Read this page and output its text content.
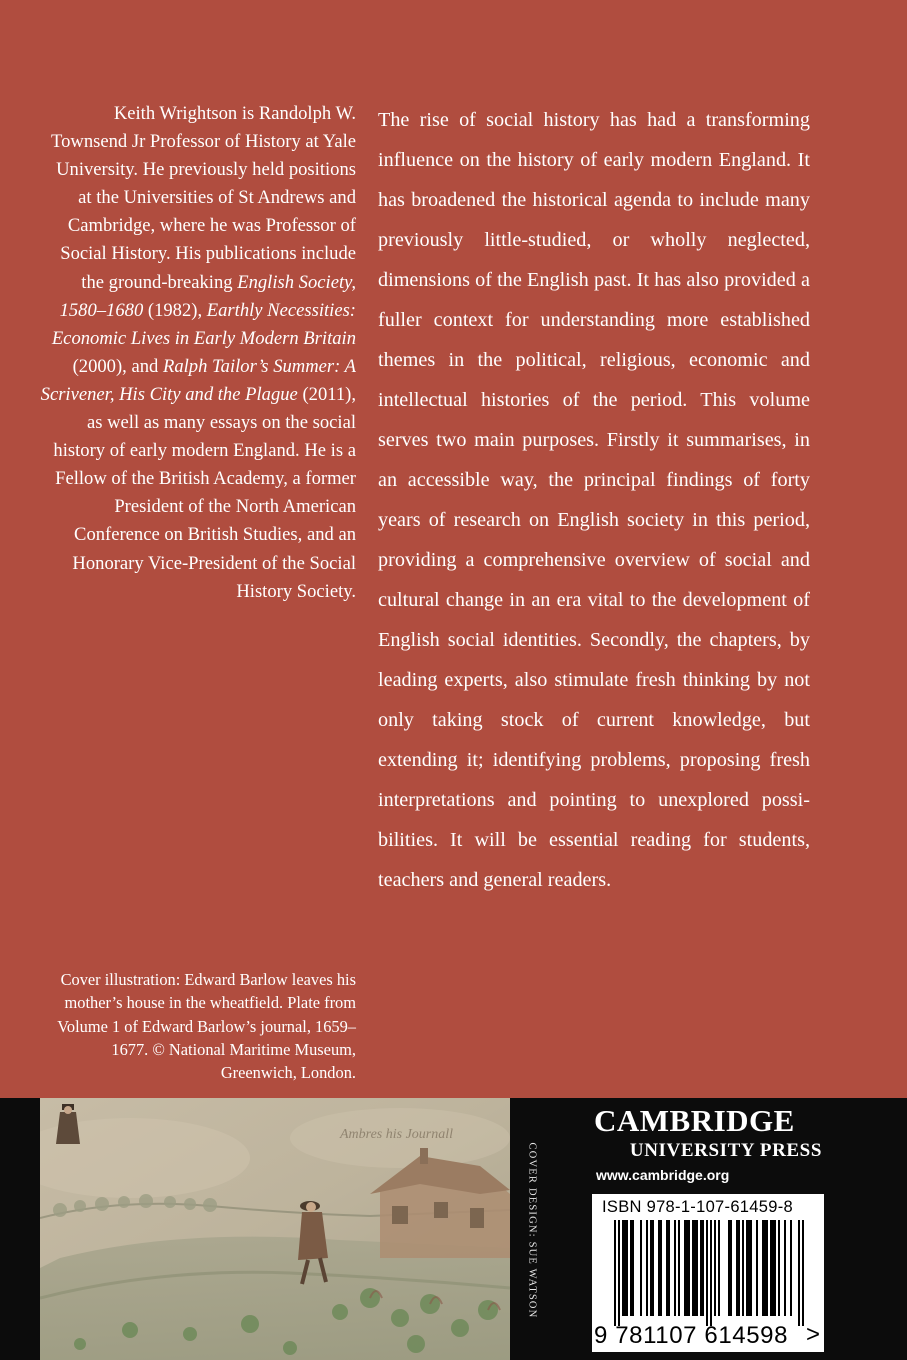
Keith Wrightson is Randolph W. Townsend Jr Professor of History at Yale University. He previously held positions at the Universities of St Andrews and Cambridge, where he was Professor of Social History. His publications include the ground-breaking English Society, 1580–1680 (1982), Earthly Necessities: Economic Lives in Early Modern Britain (2000), and Ralph Tailor’s Summer: A Scrivener, His City and the Plague (2011), as well as many essays on the social history of early modern England. He is a Fellow of the British Academy, a former President of the North American Conference on British Studies, and an Honorary Vice-President of the Social History Society.
The rise of social history has had a transforming influence on the history of early modern England. It has broadened the historical agenda to include many previously little-studied, or wholly neglected, dimensions of the English past. It has also provided a fuller context for understanding more established themes in the political, religious, economic and intellectual histories of the period. This volume serves two main purposes. Firstly it summarises, in an accessible way, the principal findings of forty years of research on English society in this period, providing a comprehensive overview of social and cultural change in an era vital to the development of English social identities. Secondly, the chapters, by leading experts, also stimulate fresh thinking by not only taking stock of current knowledge, but extending it; identifying problems, proposing fresh interpretations and pointing to unexplored possibilities. It will be essential reading for students, teachers and general readers.
Cover illustration: Edward Barlow leaves his mother’s house in the wheatfield. Plate from Volume 1 of Edward Barlow’s journal, 1659–1677. © National Maritime Museum, Greenwich, London.
Ambres his Journall
COVER DESIGN: SUE WATSON
CAMBRIDGE
UNIVERSITY PRESS
www.cambridge.org
ISBN 978-1-107-61459-8
9 781107 614598 >
